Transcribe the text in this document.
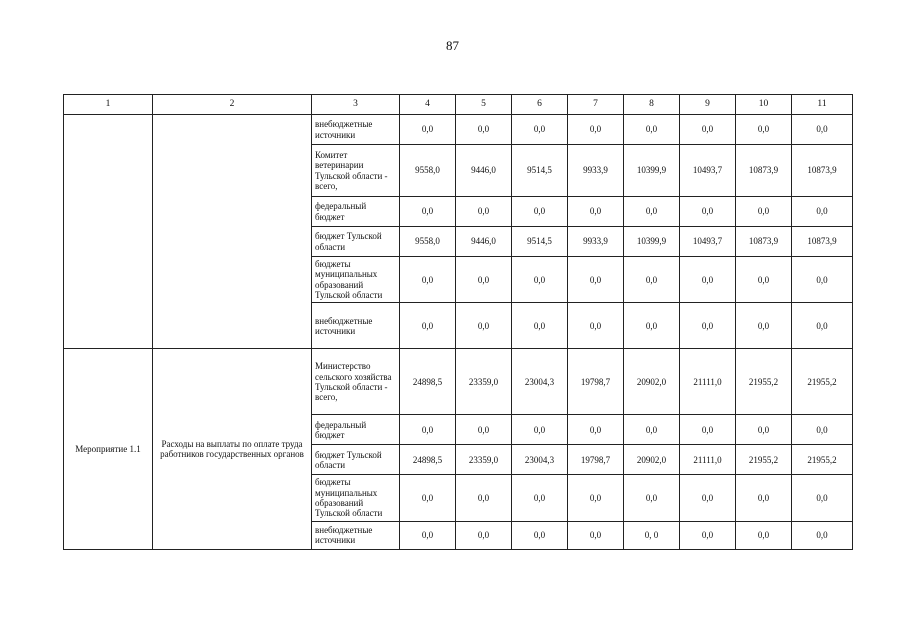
87
1	2	3	4	5	6	7	8	9	10	11
		внебюджетные источники	0,0	0,0	0,0	0,0	0,0	0,0	0,0	0,0
		Комитет ветеринарии Тульской области - всего,	9558,0	9446,0	9514,5	9933,9	10399,9	10493,7	10873,9	10873,9
		федеральный бюджет	0,0	0,0	0,0	0,0	0,0	0,0	0,0	0,0
		бюджет Тульской области	9558,0	9446,0	9514,5	9933,9	10399,9	10493,7	10873,9	10873,9
		бюджеты муниципальных образований Тульской области	0,0	0,0	0,0	0,0	0,0	0,0	0,0	0,0
		внебюджетные источники	0,0	0,0	0,0	0,0	0,0	0,0	0,0	0,0
Мероприятие 1.1	Расходы на выплаты по оплате труда работников государственных органов	Министерство сельского хозяйства Тульской области - всего,	24898,5	23359,0	23004,3	19798,7	20902,0	21111,0	21955,2	21955,2
		федеральный бюджет	0,0	0,0	0,0	0,0	0,0	0,0	0,0	0,0
		бюджет Тульской области	24898,5	23359,0	23004,3	19798,7	20902,0	21111,0	21955,2	21955,2
		бюджеты муниципальных образований Тульской области	0,0	0,0	0,0	0,0	0,0	0,0	0,0	0,0
		внебюджетные источники	0,0	0,0	0,0	0,0	0, 0	0,0	0,0	0,0
